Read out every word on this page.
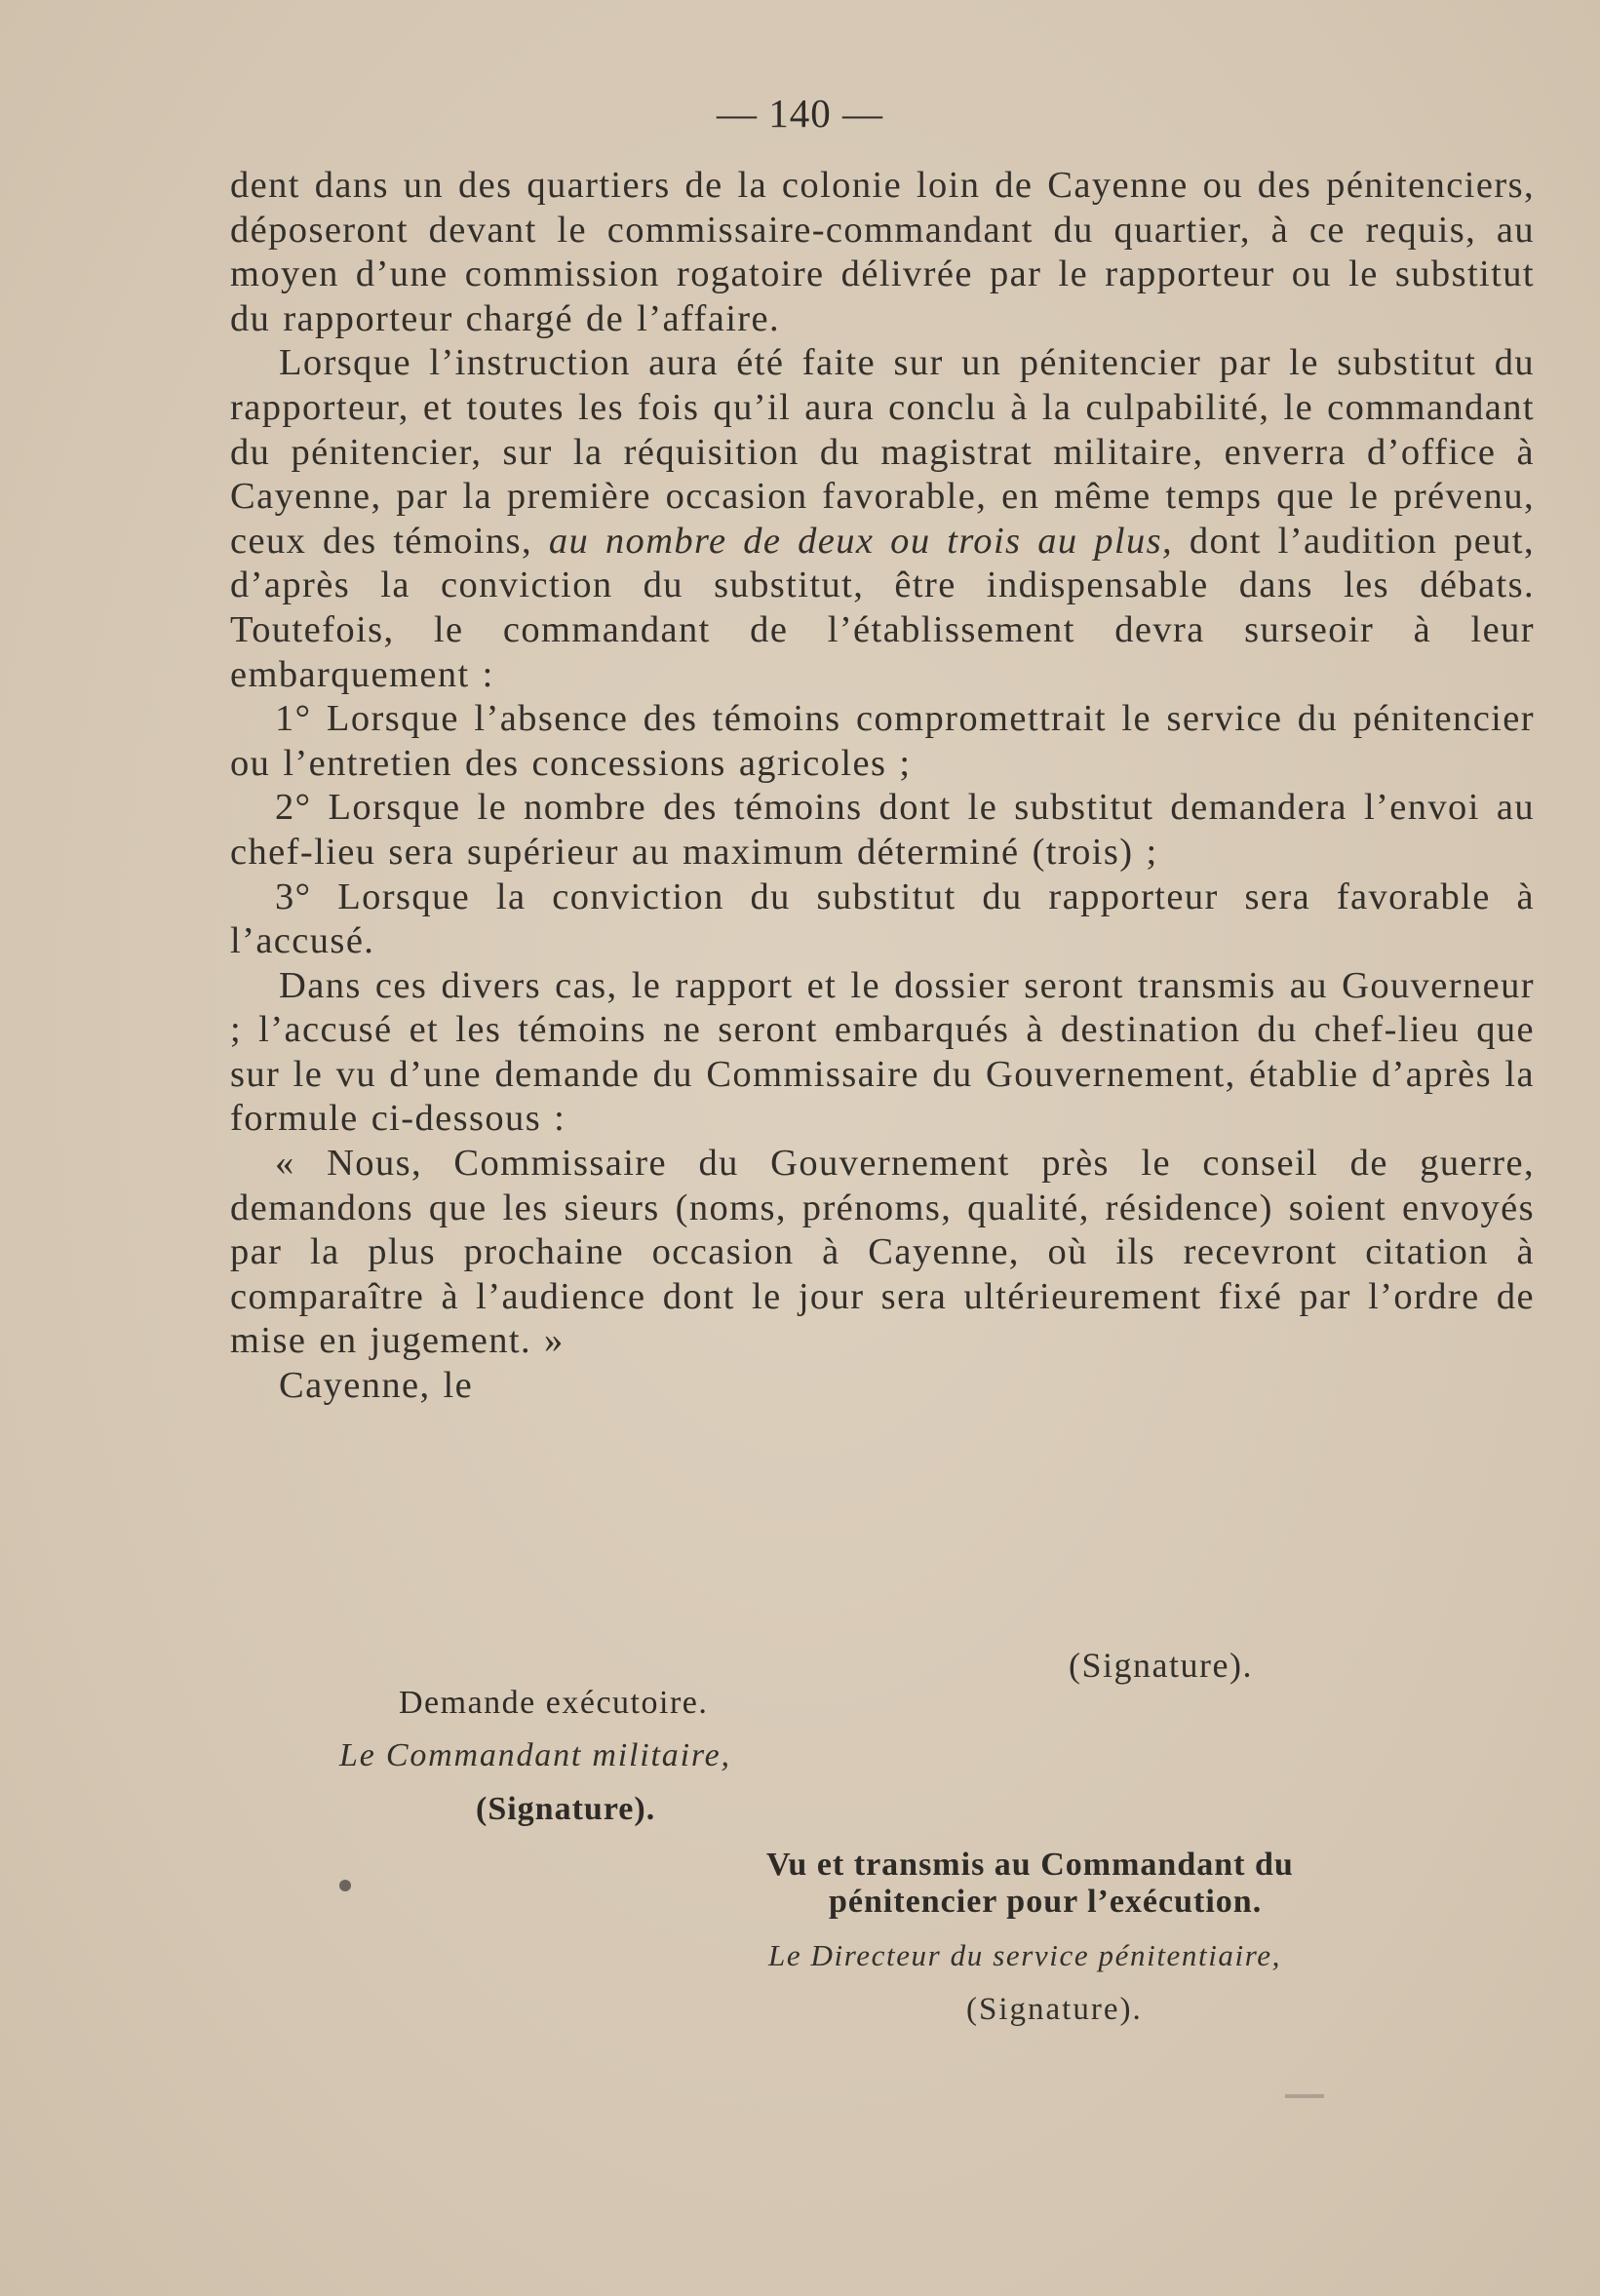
— 140 —

dent dans un des quartiers de la colonie loin de Cayenne ou des pénitenciers, déposeront devant le commissaire-commandant du quartier, à ce requis, au moyen d’une commission rogatoire délivrée par le rapporteur ou le substitut du rapporteur chargé de l’affaire.

Lorsque l’instruction aura été faite sur un pénitencier par le substitut du rapporteur, et toutes les fois qu’il aura conclu à la culpabilité, le commandant du pénitencier, sur la réquisition du magistrat militaire, enverra d’office à Cayenne, par la première occasion favorable, en même temps que le prévenu, ceux des témoins, au nombre de deux ou trois au plus, dont l’audition peut, d’après la conviction du substitut, être indispensable dans les débats. Toutefois, le commandant de l’établissement devra surseoir à leur embarquement :

1° Lorsque l’absence des témoins compromettrait le service du pénitencier ou l’entretien des concessions agricoles ;

2° Lorsque le nombre des témoins dont le substitut demandera l’envoi au chef-lieu sera supérieur au maximum déterminé (trois) ;

3° Lorsque la conviction du substitut du rapporteur sera favorable à l’accusé.

Dans ces divers cas, le rapport et le dossier seront transmis au Gouverneur ; l’accusé et les témoins ne seront embarqués à destination du chef-lieu que sur le vu d’une demande du Commissaire du Gouvernement, établie d’après la formule ci-dessous :

« Nous, Commissaire du Gouvernement près le conseil de guerre, demandons que les sieurs (noms, prénoms, qualité, résidence) soient envoyés par la plus prochaine occasion à Cayenne, où ils recevront citation à comparaître à l’audience dont le jour sera ultérieurement fixé par l’ordre de mise en jugement. »

Cayenne, le

(Signature).
Demande exécutoire.
Le Commandant militaire,
(Signature).
Vu et transmis au Commandant du
pénitencier pour l’exécution.
Le Directeur du service pénitentiaire,
(Signature).
